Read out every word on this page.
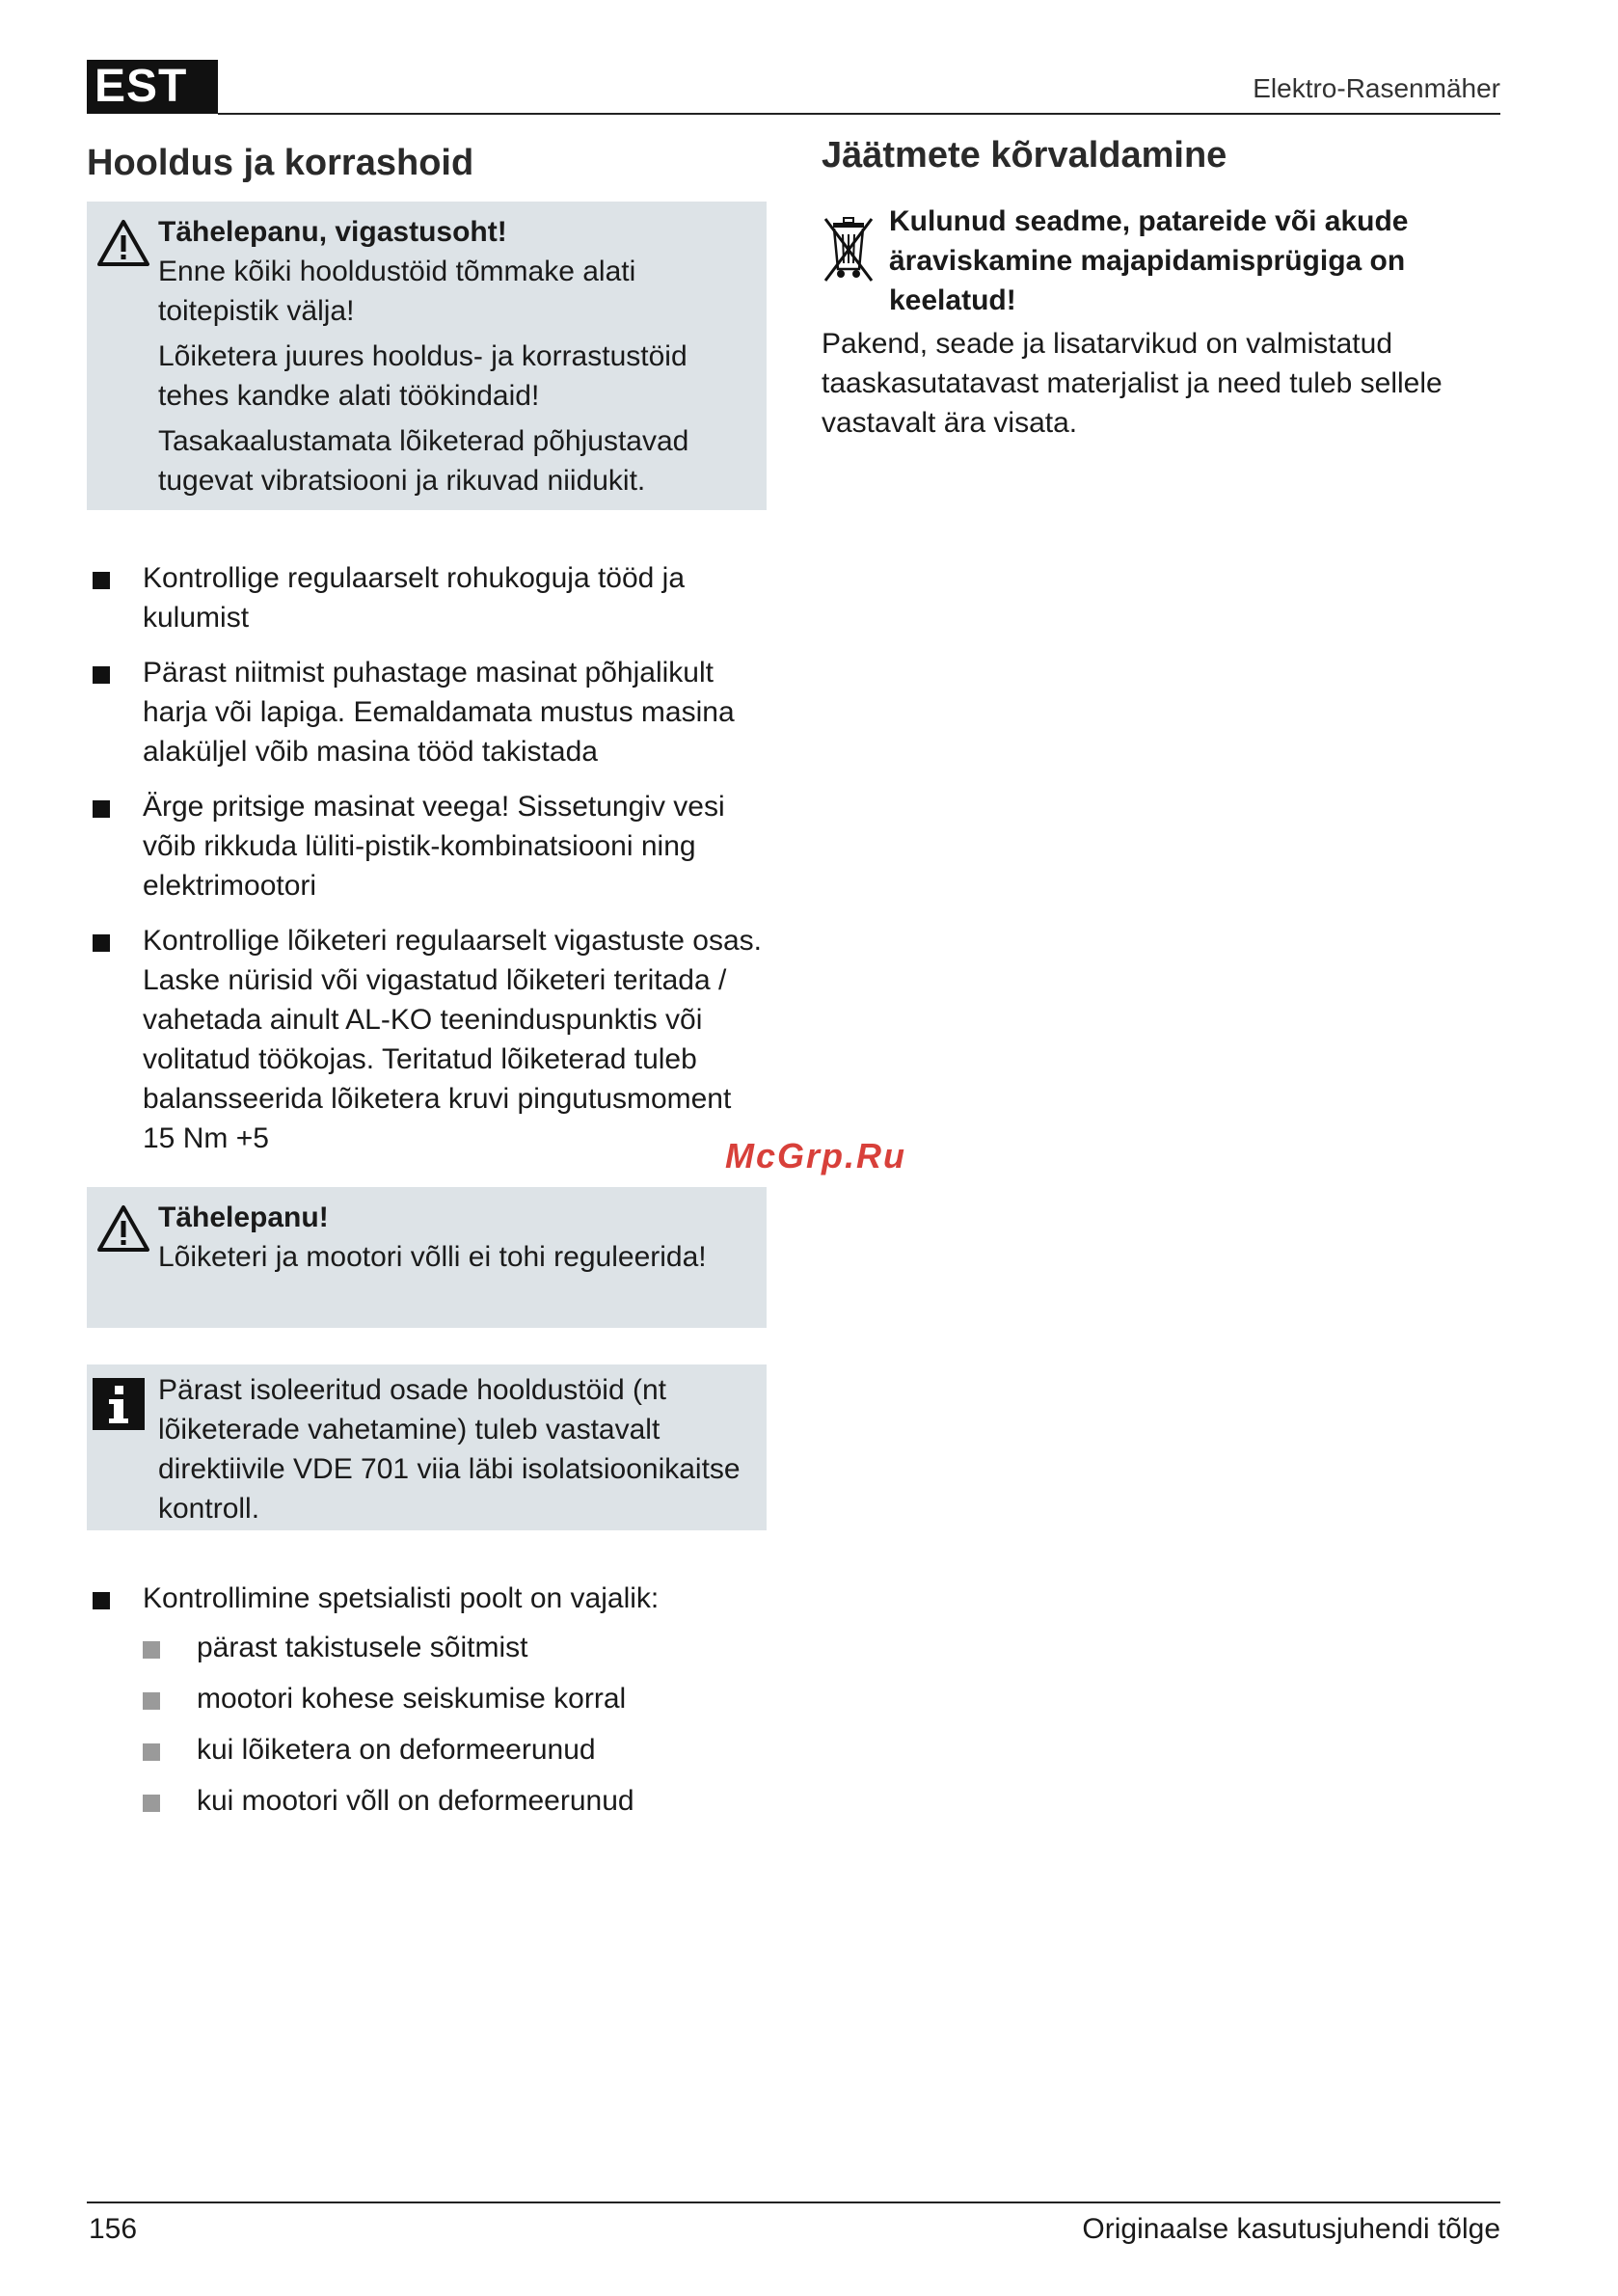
EST	Elektro-Rasenmäher
Hooldus ja korrashoid
Tähelepanu, vigastusoht!

Enne kõiki hooldustöid tõmmake alati toitepistik välja!

Lõiketera juures hooldus- ja korrastustöid tehes kandke alati töökindaid!

Tasakaalustamata lõiketerad põhjustavad tugevat vibratsiooni ja rikuvad niidukit.

Kontrollige regulaarselt rohukoguja tööd ja kulumist
Pärast niitmist puhastage masinat põhjalikult harja või lapiga. Eemaldamata mustus masina alaküljel võib masina tööd takistada
Ärge pritsige masinat veega! Sissetungiv vesi võib rikkuda lüliti-pistik-kombinatsiooni ning elektrimootori
Kontrollige lõiketeri regulaarselt vigastuste osas. Laske nürisid või vigastatud lõiketeri teritada / vahetada ainult AL-KO teeninduspunktis või volitatud töökojas. Teritatud lõiketerad tuleb balansseerida lõiketera kruvi pingutusmoment 15 Nm +5
Tähelepanu!

Lõiketeri ja mootori võlli ei tohi reguleerida!

Pärast isoleeritud osade hooldustöid (nt lõiketerade vahetamine) tuleb vastavalt direktiivile VDE 701 viia läbi isolatsioonikaitse kontroll.

Kontrollimine spetsialisti poolt on vajalik:
pärast takistusele sõitmist
mootori kohese seiskumise korral
kui lõiketera on deformeerunud
kui mootori võll on deformeerunud
Jäätmete kõrvaldamine
Kulunud seadme, patareide või akude äraviskamine majapidamisprügiga on keelatud!
Pakend, seade ja lisatarvikud on valmistatud taaskasutatavast materjalist ja need tuleb sellele vastavalt ära visata.
McGrp.Ru
156	Originaalse kasutusjuhendi tõlge
